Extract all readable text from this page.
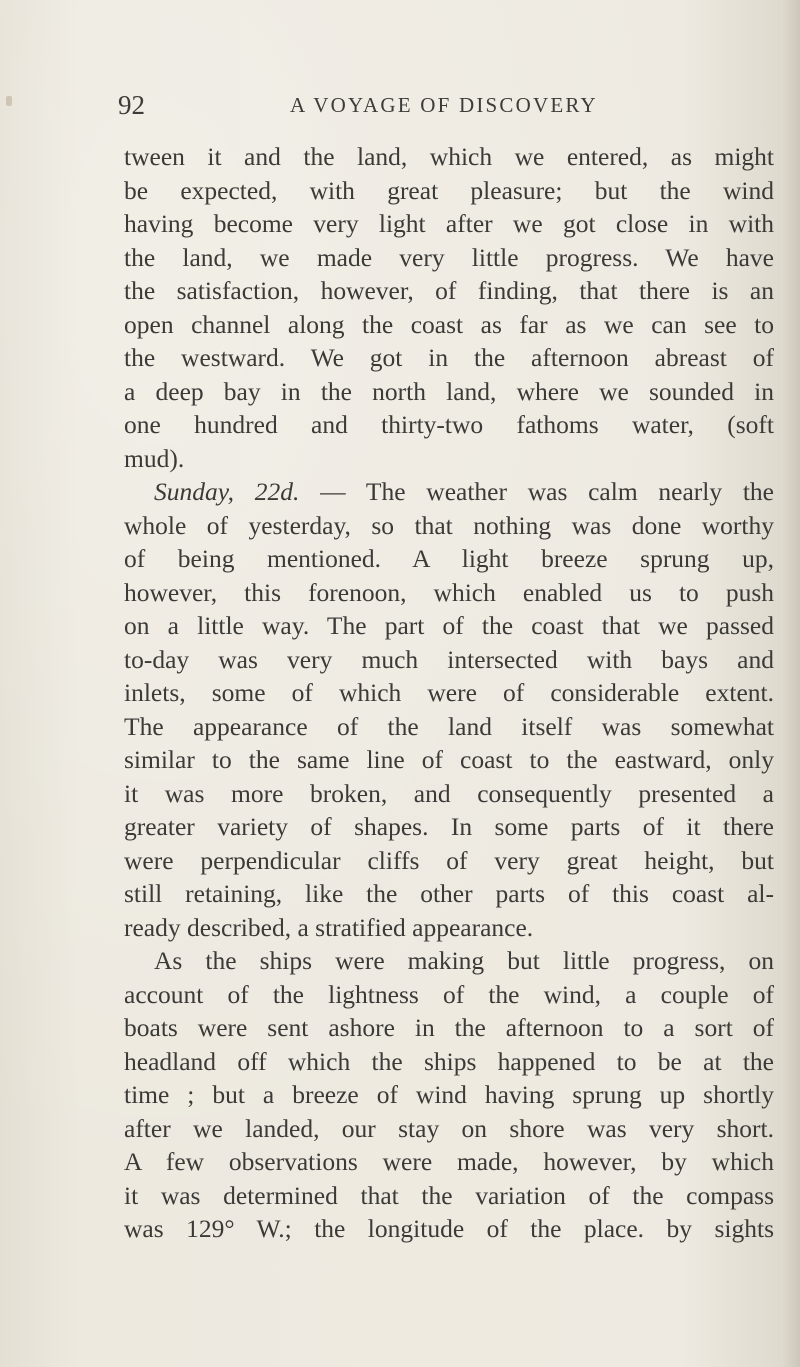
92	A VOYAGE OF DISCOVERY
tween it and the land, which we entered, as might
be expected, with great pleasure; but the wind
having become very light after we got close in with
the land, we made very little progress. We have
the satisfaction, however, of finding, that there is an
open channel along the coast as far as we can see to
the westward. We got in the afternoon abreast of
a deep bay in the north land, where we sounded in
one hundred and thirty-two fathoms water, (soft
mud).
Sunday, 22d. — The weather was calm nearly the
whole of yesterday, so that nothing was done worthy
of being mentioned. A light breeze sprung up,
however, this forenoon, which enabled us to push
on a little way. The part of the coast that we passed
to-day was very much intersected with bays and
inlets, some of which were of considerable extent.
The appearance of the land itself was somewhat
similar to the same line of coast to the eastward, only
it was more broken, and consequently presented a
greater variety of shapes. In some parts of it there
were perpendicular cliffs of very great height, but
still retaining, like the other parts of this coast al-
ready described, a stratified appearance.
As the ships were making but little progress, on
account of the lightness of the wind, a couple of
boats were sent ashore in the afternoon to a sort of
headland off which the ships happened to be at the
time ; but a breeze of wind having sprung up shortly
after we landed, our stay on shore was very short.
A few observations were made, however, by which
it was determined that the variation of the compass
was 129° W.; the longitude of the place. by sights
